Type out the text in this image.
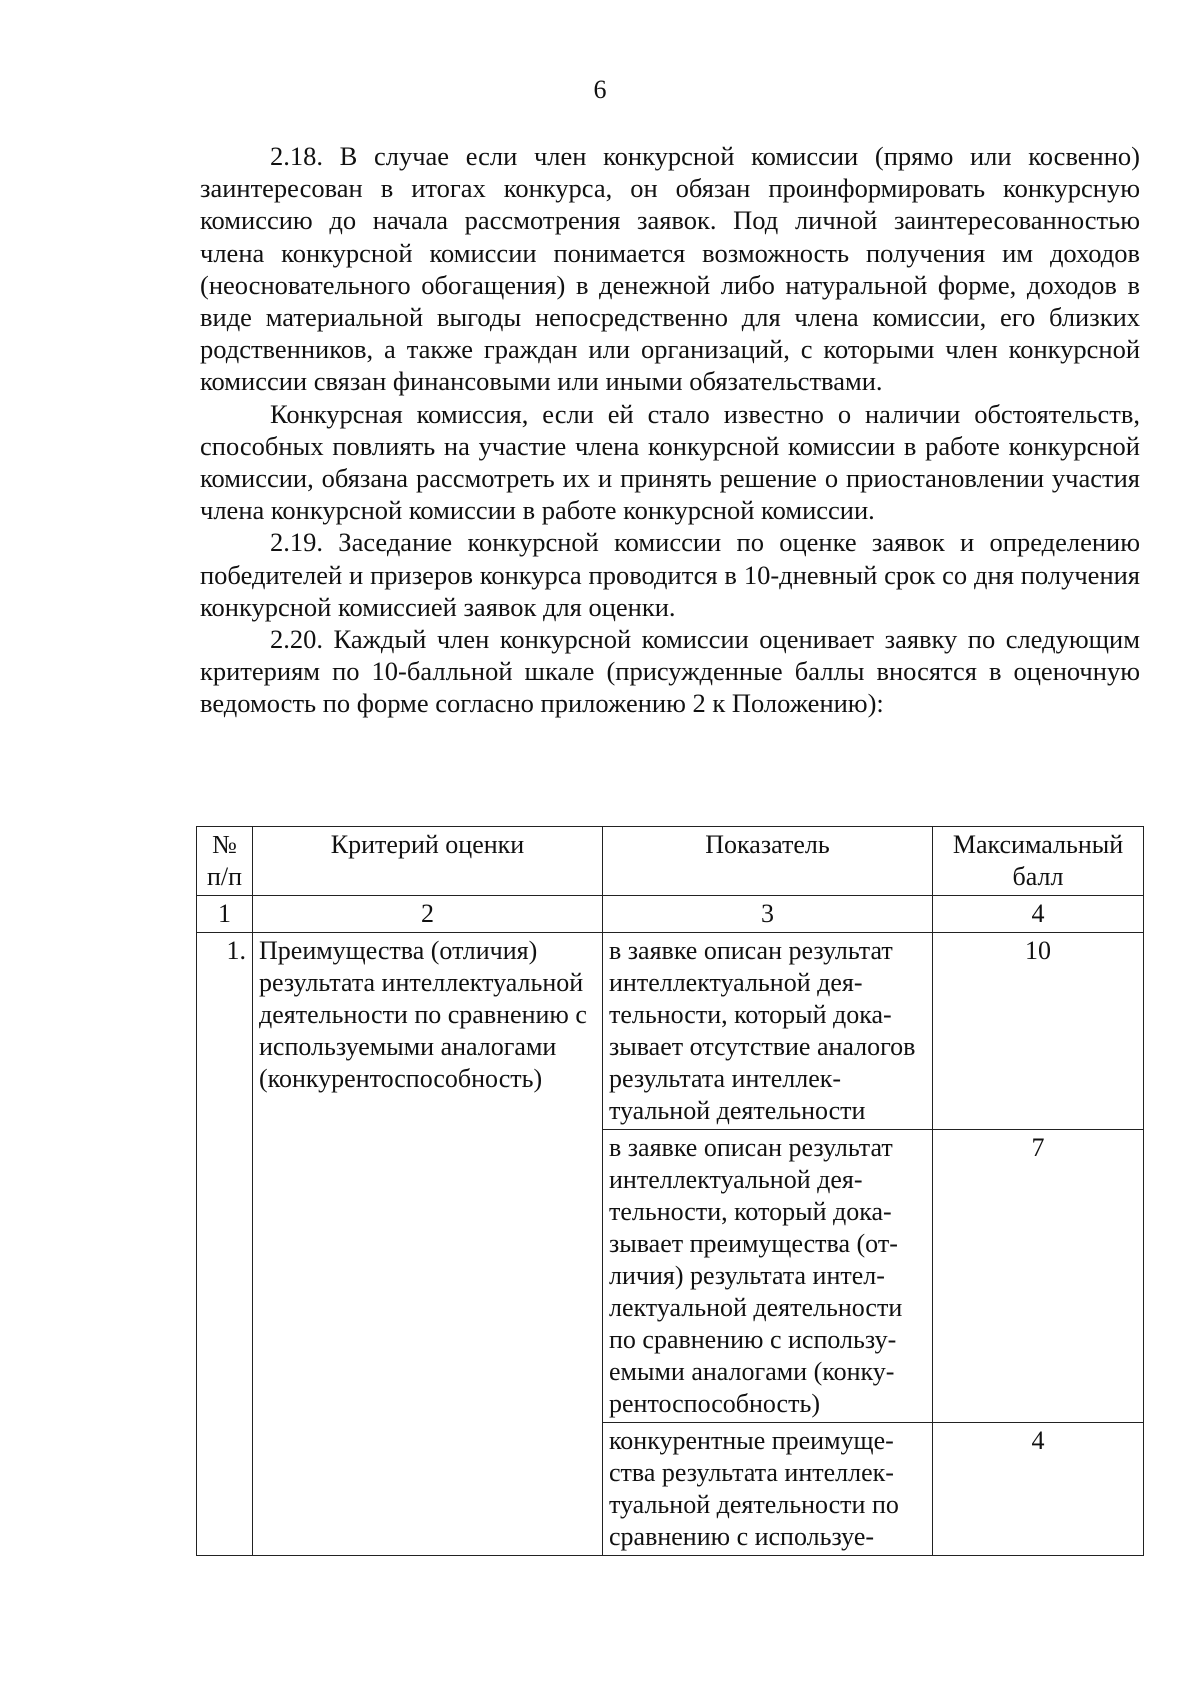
6

2.18. В случае если член конкурсной комиссии (прямо или косвенно) заинтересован в итогах конкурса, он обязан проинформировать конкурсную комиссию до начала рассмотрения заявок. Под личной заинтересованностью члена конкурсной комиссии понимается возможность получения им доходов (неосновательного обогащения) в денежной либо натуральной форме, доходов в виде материальной выгоды непосредственно для члена комиссии, его близких родственников, а также граждан или организаций, с которыми член конкурсной комиссии связан финансовыми или иными обязательствами.

Конкурсная комиссия, если ей стало известно о наличии обстоятельств, способных повлиять на участие члена конкурсной комиссии в работе конкурсной комиссии, обязана рассмотреть их и принять решение о приостановлении участия члена конкурсной комиссии в работе конкурсной комиссии.

2.19. Заседание конкурсной комиссии по оценке заявок и определению победителей и призеров конкурса проводится в 10-дневный срок со дня получения конкурсной комиссией заявок для оценки.

2.20. Каждый член конкурсной комиссии оценивает заявку по следующим критериям по 10-балльной шкале (присужденные баллы вносятся в оценочную ведомость по форме согласно приложению 2 к Положению):

№ п/п	Критерий оценки	Показатель	Максимальный балл
1	2	3	4
1.	Преимущества (отличия) результата интеллектуальной деятельности по сравнению с используемыми аналогами (конкурентоспособность)	в заявке описан результат интеллектуальной деятельности, который доказывает отсутствие аналогов результата интеллектуальной деятельности	10
		в заявке описан результат интеллектуальной деятельности, который доказывает преимущества (отличия) результата интеллектуальной деятельности по сравнению с используемыми аналогами (конкурентоспособность)	7
		конкурентные преимущества результата интеллектуальной деятельности по сравнению с используе-	4
